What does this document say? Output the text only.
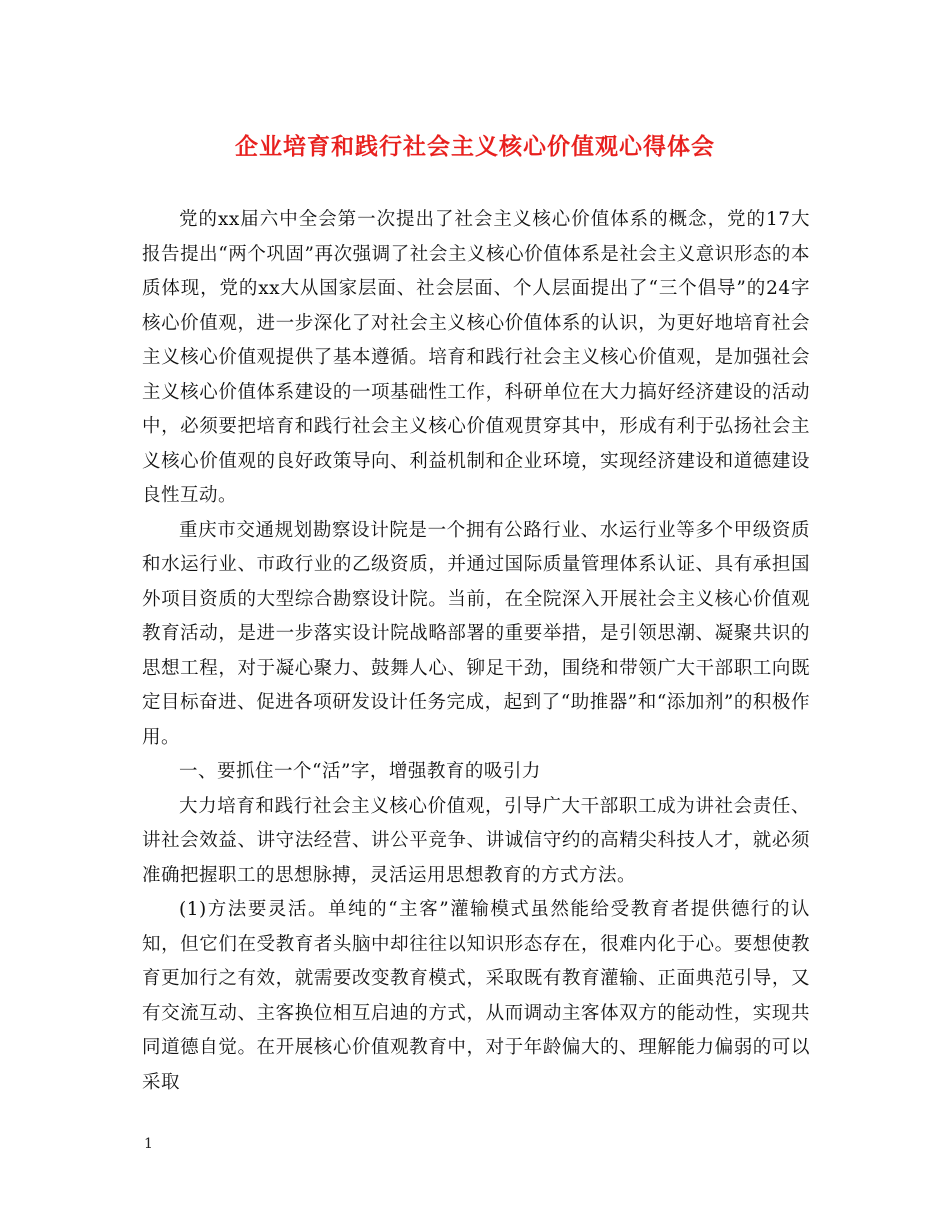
企业培育和践行社会主义核心价值观心得体会

党的xx届六中全会第一次提出了社会主义核心价值体系的概念，党的17大报告提出“两个巩固”再次强调了社会主义核心价值体系是社会主义意识形态的本质体现，党的xx大从国家层面、社会层面、个人层面提出了“三个倡导”的24字核心价值观，进一步深化了对社会主义核心价值体系的认识，为更好地培育社会主义核心价值观提供了基本遵循。培育和践行社会主义核心价值观，是加强社会主义核心价值体系建设的一项基础性工作，科研单位在大力搞好经济建设的活动中，必须要把培育和践行社会主义核心价值观贯穿其中，形成有利于弘扬社会主义核心价值观的良好政策导向、利益机制和企业环境，实现经济建设和道德建设良性互动。

重庆市交通规划勘察设计院是一个拥有公路行业、水运行业等多个甲级资质和水运行业、市政行业的乙级资质，并通过国际质量管理体系认证、具有承担国外项目资质的大型综合勘察设计院。当前，在全院深入开展社会主义核心价值观教育活动，是进一步落实设计院战略部署的重要举措，是引领思潮、凝聚共识的思想工程，对于凝心聚力、鼓舞人心、铆足干劲，围绕和带领广大干部职工向既定目标奋进、促进各项研发设计任务完成，起到了“助推器”和“添加剂”的积极作用。

一、要抓住一个“活”字，增强教育的吸引力

大力培育和践行社会主义核心价值观，引导广大干部职工成为讲社会责任、讲社会效益、讲守法经营、讲公平竞争、讲诚信守约的高精尖科技人才，就必须准确把握职工的思想脉搏，灵活运用思想教育的方式方法。

(1)方法要灵活。单纯的“主客”灌输模式虽然能给受教育者提供德行的认知，但它们在受教育者头脑中却往往以知识形态存在，很难内化于心。要想使教育更加行之有效，就需要改变教育模式，采取既有教育灌输、正面典范引导，又有交流互动、主客换位相互启迪的方式，从而调动主客体双方的能动性，实现共同道德自觉。在开展核心价值观教育中，对于年龄偏大的、理解能力偏弱的可以采取

1
